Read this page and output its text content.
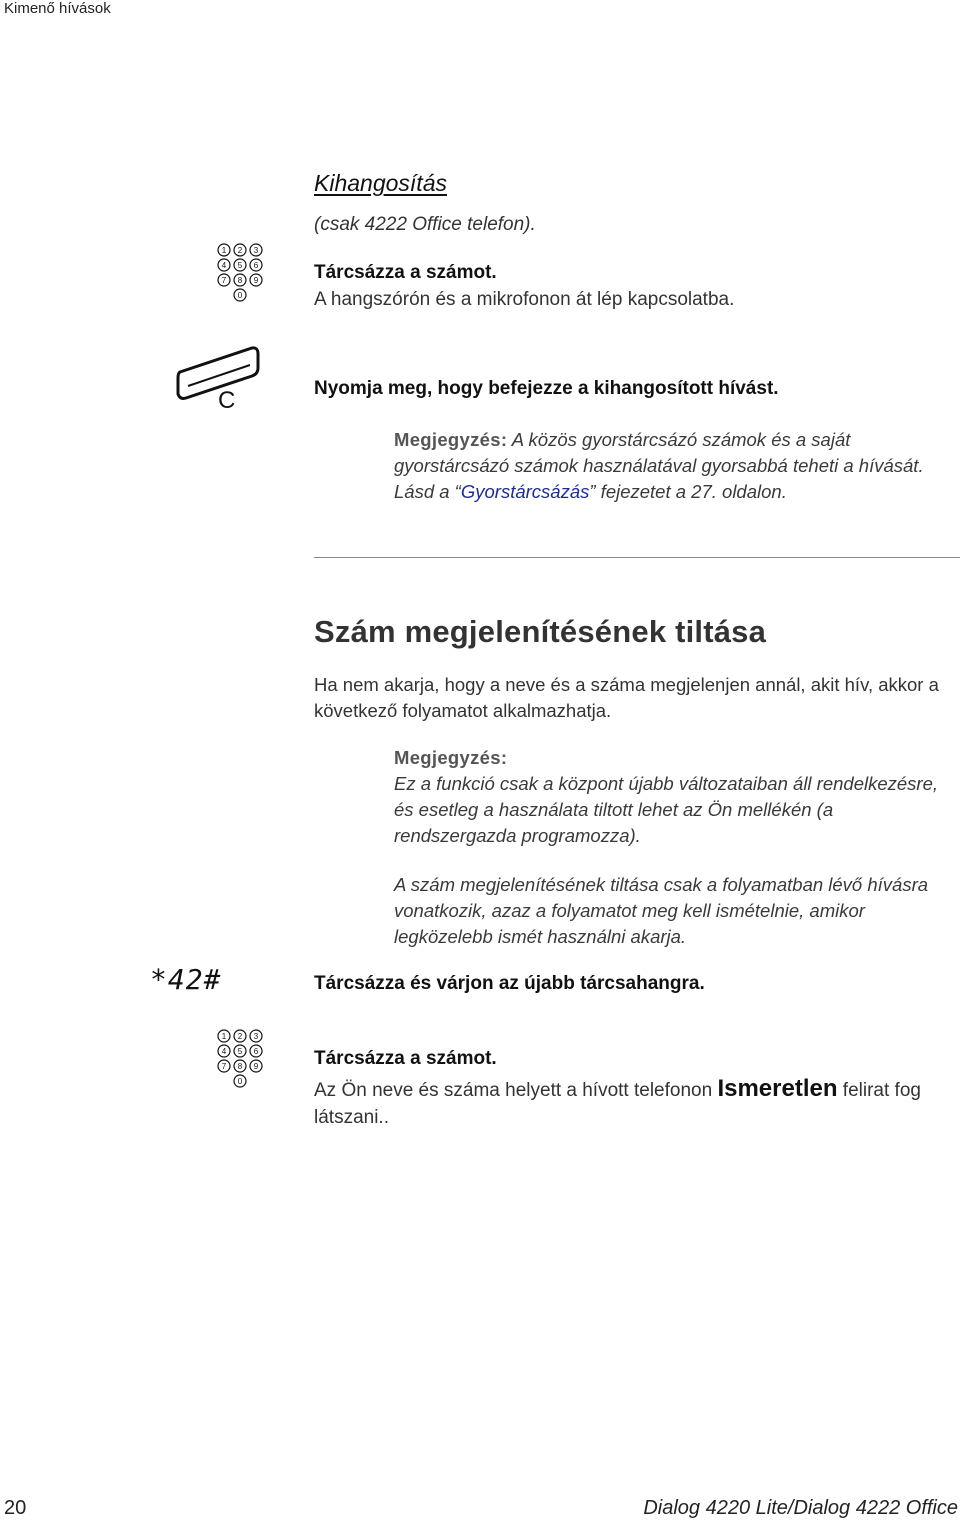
Kimenő hívások
Kihangosítás
(csak 4222 Office telefon).
1 2 3
4 5 6
7 8 9
0
Tárcsázza a számot.
A hangszórón és a mikrofonon át lép kapcsolatba.
C	Nyomja meg, hogy befejezze a kihangosított hívást.
Megjegyzés: A közös gyorstárcsázó számok és a saját gyorstárcsázó számok használatával gyorsabbá teheti a hívását. Lásd a “Gyorstárcsázás” fejezetet a 27. oldalon.
Szám megjelenítésének tiltása
Ha nem akarja, hogy a neve és a száma megjelenjen annál, akit hív, akkor a következő folyamatot alkalmazhatja.
Megjegyzés:
Ez a funkció csak a központ újabb változataiban áll rendelkezésre, és esetleg a használata tiltott lehet az Ön mellékén (a rendszergazda programozza).
A szám megjelenítésének tiltása csak a folyamatban lévő hívásra vonatkozik, azaz a folyamatot meg kell ismételnie, amikor legközelebb ismét használni akarja.
*42#	Tárcsázza és várjon az újabb tárcsahangra.
1 2 3
4 5 6
7 8 9
0
Tárcsázza a számot.
Az Ön neve és száma helyett a hívott telefonon Ismeretlen felirat fog látszani..
20	Dialog 4220 Lite/Dialog 4222 Office
